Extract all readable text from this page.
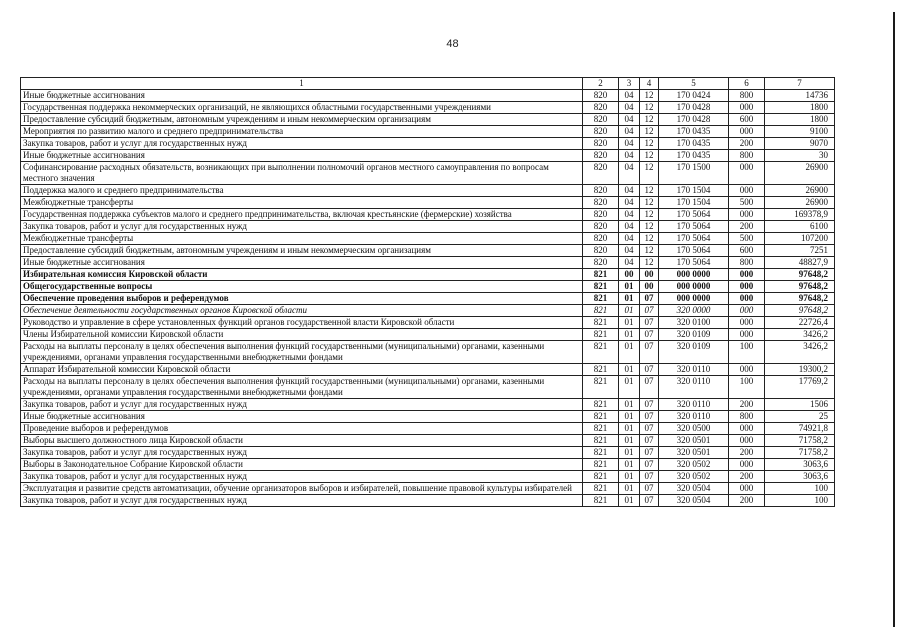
48
1	2	3	4	5	6	7
Иные бюджетные ассигнования	820	04	12	170 0424	800	14736
Государственная поддержка некоммерческих организаций, не являющихся областными государственными учреждениями	820	04	12	170 0428	000	1800
Предоставление субсидий бюджетным, автономным учреждениям и иным некоммерческим организациям	820	04	12	170 0428	600	1800
Мероприятия по развитию малого и среднего предпринимательства	820	04	12	170 0435	000	9100
Закупка товаров, работ и услуг для государственных нужд	820	04	12	170 0435	200	9070
Иные бюджетные ассигнования	820	04	12	170 0435	800	30
Софинансирование расходных обязательств, возникающих при выполнении полномочий органов местного самоуправления по вопросам местного значения	820	04	12	170 1500	000	26900
Поддержка малого и среднего предпринимательства	820	04	12	170 1504	000	26900
Межбюджетные трансферты	820	04	12	170 1504	500	26900
Государственная поддержка субъектов малого и среднего предпринимательства, включая крестьянские (фермерские) хозяйства	820	04	12	170 5064	000	169378,9
Закупка товаров, работ и услуг для государственных нужд	820	04	12	170 5064	200	6100
Межбюджетные трансферты	820	04	12	170 5064	500	107200
Предоставление субсидий бюджетным, автономным учреждениям и иным некоммерческим организациям	820	04	12	170 5064	600	7251
Иные бюджетные ассигнования	820	04	12	170 5064	800	48827,9
Избирательная комиссия Кировской области	821	00	00	000 0000	000	97648,2
Общегосударственные вопросы	821	01	00	000 0000	000	97648,2
Обеспечение проведения выборов и референдумов	821	01	07	000 0000	000	97648,2
Обеспечение деятельности государственных органов Кировской области	821	01	07	320 0000	000	97648,2
Руководство и управление в сфере установленных функций органов государственной власти Кировской области	821	01	07	320 0100	000	22726,4
Члены Избирательной комиссии Кировской области	821	01	07	320 0109	000	3426,2
Расходы на выплаты персоналу в целях обеспечения выполнения функций государственными (муниципальными) органами, казенными учреждениями, органами управления государственными внебюджетными фондами	821	01	07	320 0109	100	3426,2
Аппарат Избирательной комиссии Кировской области	821	01	07	320 0110	000	19300,2
Расходы на выплаты персоналу в целях обеспечения выполнения функций государственными (муниципальными) органами, казенными учреждениями, органами управления государственными внебюджетными фондами	821	01	07	320 0110	100	17769,2
Закупка товаров, работ и услуг для государственных нужд	821	01	07	320 0110	200	1506
Иные бюджетные ассигнования	821	01	07	320 0110	800	25
Проведение выборов и референдумов	821	01	07	320 0500	000	74921,8
Выборы высшего должностного лица Кировской области	821	01	07	320 0501	000	71758,2
Закупка товаров, работ и услуг для государственных нужд	821	01	07	320 0501	200	71758,2
Выборы в Законодательное Собрание Кировской области	821	01	07	320 0502	000	3063,6
Закупка товаров, работ и услуг для государственных нужд	821	01	07	320 0502	200	3063,6
Эксплуатация и развитие средств автоматизации, обучение организаторов выборов и избирателей, повышение правовой культуры избирателей	821	01	07	320 0504	000	100
Закупка товаров, работ и услуг для государственных нужд	821	01	07	320 0504	200	100
